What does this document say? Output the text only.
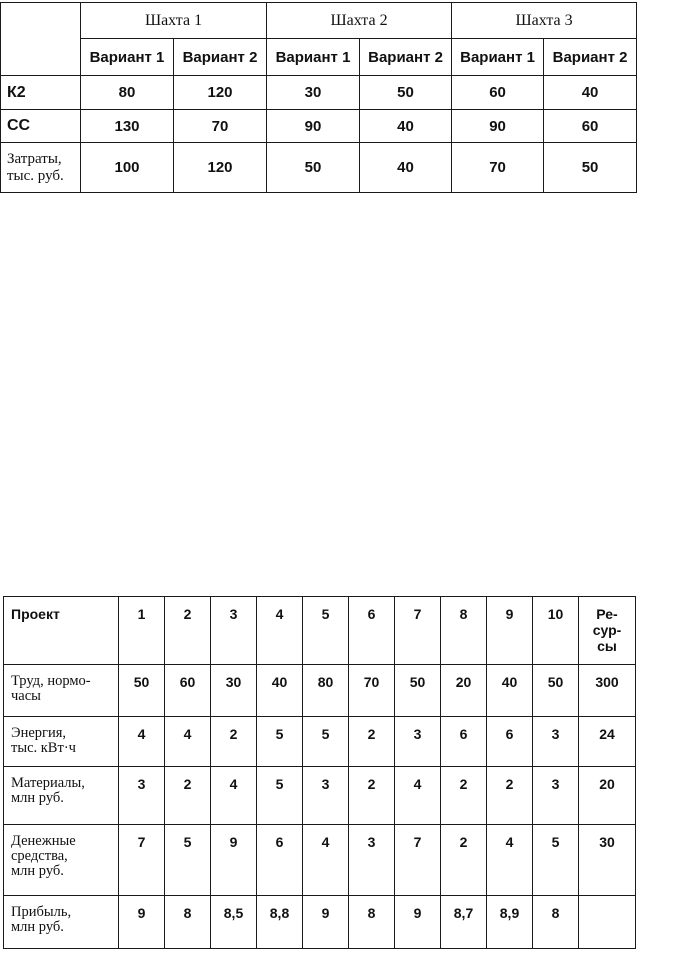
	Шахта 1		Шахта 2		Шахта 3	
	Вариант 1	Вариант 2	Вариант 1	Вариант 2	Вариант 1	Вариант 2
К2	80	120	30	50	60	40
СС	130	70	90	40	90	60
Затраты,
тыс. руб.	100	120	50	40	70	50
Проект	1	2	3	4	5	6	7	8	9	10	Ре-
сур-
сы
Труд, нормо-
часы	50	60	30	40	80	70	50	20	40	50	300
Энергия,
тыс. кВт·ч	4	4	2	5	5	2	3	6	6	3	24
Материалы,
млн руб.	3	2	4	5	3	2	4	2	2	3	20
Денежные
средства,
млн руб.	7	5	9	6	4	3	7	2	4	5	30
Прибыль,
млн руб.	9	8	8,5	8,8	9	8	9	8,7	8,9	8	
